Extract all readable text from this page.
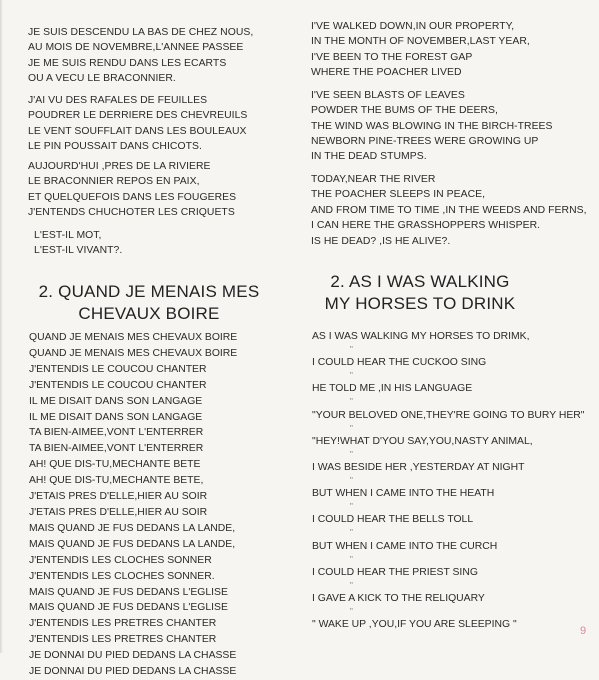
JE SUIS DESCENDU LA BAS DE CHEZ NOUS,
AU MOIS DE NOVEMBRE,L'ANNEE PASSEE
JE ME SUIS RENDU DANS LES ECARTS
OU A VECU LE BRACONNIER.
J'AI VU DES RAFALES DE FEUILLES
POUDRER LE DERRIERE DES CHEVREUILS
LE VENT SOUFFLAIT DANS LES BOULEAUX
LE PIN POUSSAIT DANS CHICOTS.
AUJOURD'HUI ,PRES DE LA RIVIERE
LE BRACONNIER REPOS EN PAIX,
ET QUELQUEFOIS DANS LES FOUGERES
J'ENTENDS CHUCHOTER LES CRIQUETS
L'EST-IL MOT,
L'EST-IL VIVANT?.
I'VE WALKED DOWN,IN OUR PROPERTY,
IN THE MONTH OF NOVEMBER,LAST YEAR,
I'VE BEEN TO THE FOREST GAP
WHERE THE POACHER LIVED
I'VE SEEN BLASTS OF LEAVES
POWDER THE BUMS OF THE DEERS,
THE WIND WAS BLOWING IN THE BIRCH-TREES
NEWBORN PINE-TREES WERE GROWING UP
IN THE DEAD STUMPS.
TODAY,NEAR THE RIVER
THE POACHER SLEEPS IN PEACE,
AND FROM TIME TO TIME ,IN THE WEEDS AND FERNS,
I CAN HERE THE GRASSHOPPERS WHISPER.
IS HE DEAD? ,IS HE ALIVE?.
2. QUAND JE MENAIS MES
CHEVAUX BOIRE
2. AS I WAS WALKING
MY HORSES TO DRINK
QUAND JE MENAIS MES CHEVAUX BOIRE
QUAND JE MENAIS MES CHEVAUX BOIRE
J'ENTENDIS LE COUCOU CHANTER
J'ENTENDIS LE COUCOU CHANTER
IL ME DISAIT DANS SON LANGAGE
IL ME DISAIT DANS SON LANGAGE
TA BIEN-AIMEE,VONT L'ENTERRER
TA BIEN-AIMEE,VONT L'ENTERRER
AH! QUE DIS-TU,MECHANTE BETE
AH! QUE DIS-TU,MECHANTE BETE,
J'ETAIS PRES D'ELLE,HIER AU SOIR
J'ETAIS PRES D'ELLE,HIER AU SOIR
MAIS QUAND JE FUS DEDANS LA LANDE,
MAIS QUAND JE FUS DEDANS LA LANDE,
J'ENTENDIS LES CLOCHES SONNER
J'ENTENDIS LES CLOCHES SONNER.
MAIS QUAND JE FUS DEDANS L'EGLISE
MAIS QUAND JE FUS DEDANS L'EGLISE
J'ENTENDIS LES PRETRES CHANTER
J'ENTENDIS LES PRETRES CHANTER
JE DONNAI DU PIED DEDANS LA CHASSE
JE DONNAI DU PIED DEDANS LA CHASSE
AS I WAS WALKING MY HORSES TO DRIMK,
"
I COULD HEAR THE CUCKOO SING
"
HE TOLD ME ,IN HIS LANGUAGE
"
"YOUR BELOVED ONE,THEY'RE GOING TO BURY HER"
"
"HEY!WHAT D'YOU SAY,YOU,NASTY ANIMAL,
"
I WAS BESIDE HER ,YESTERDAY AT NIGHT
"
BUT WHEN I CAME INTO THE HEATH
"
I COULD HEAR THE BELLS TOLL
"
BUT WHEN I CAME INTO THE CURCH
"
I COULD HEAR THE PRIEST SING
"
I GAVE A KICK TO THE RELIQUARY
"
" WAKE UP ,YOU,IF YOU ARE SLEEPING "
9
